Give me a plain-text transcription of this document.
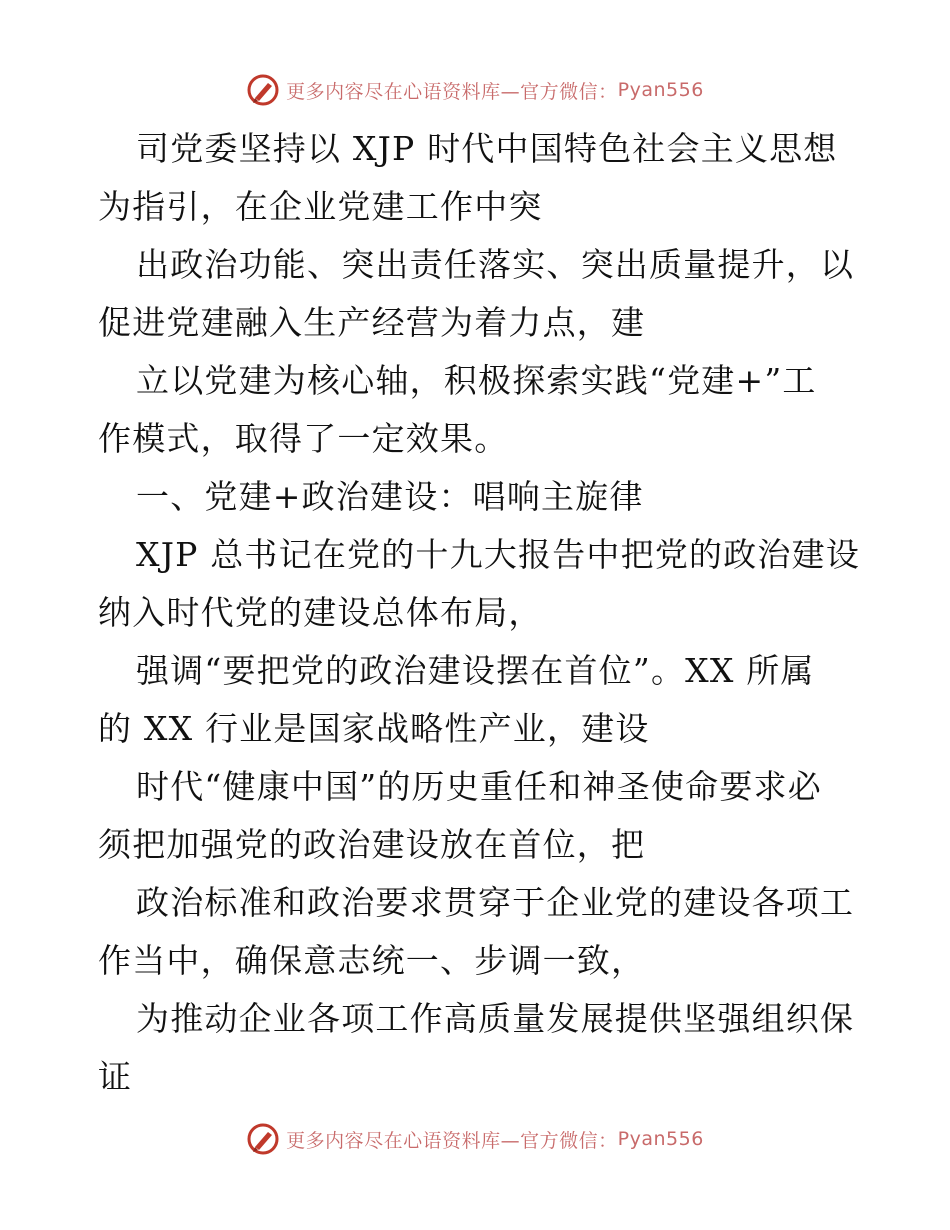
更多内容尽在心语资料库—官方微信： Pyan556
司党委坚持以 XJP 时代中国特色社会主义思想
为指引，在企业党建工作中突
出政治功能、突出责任落实、突出质量提升，以
促进党建融入生产经营为着力点，建
立以党建为核心轴，积极探索实践“党建+”工
作模式，取得了一定效果。
一、党建+政治建设：唱响主旋律
XJP 总书记在党的十九大报告中把党的政治建设
纳入时代党的建设总体布局，
强调“要把党的政治建设摆在首位”。XX 所属
的 XX 行业是国家战略性产业，建设
时代“健康中国”的历史重任和神圣使命要求必
须把加强党的政治建设放在首位，把
政治标准和政治要求贯穿于企业党的建设各项工
作当中，确保意志统一、步调一致，
为推动企业各项工作高质量发展提供坚强组织保
证
更多内容尽在心语资料库—官方微信： Pyan556
